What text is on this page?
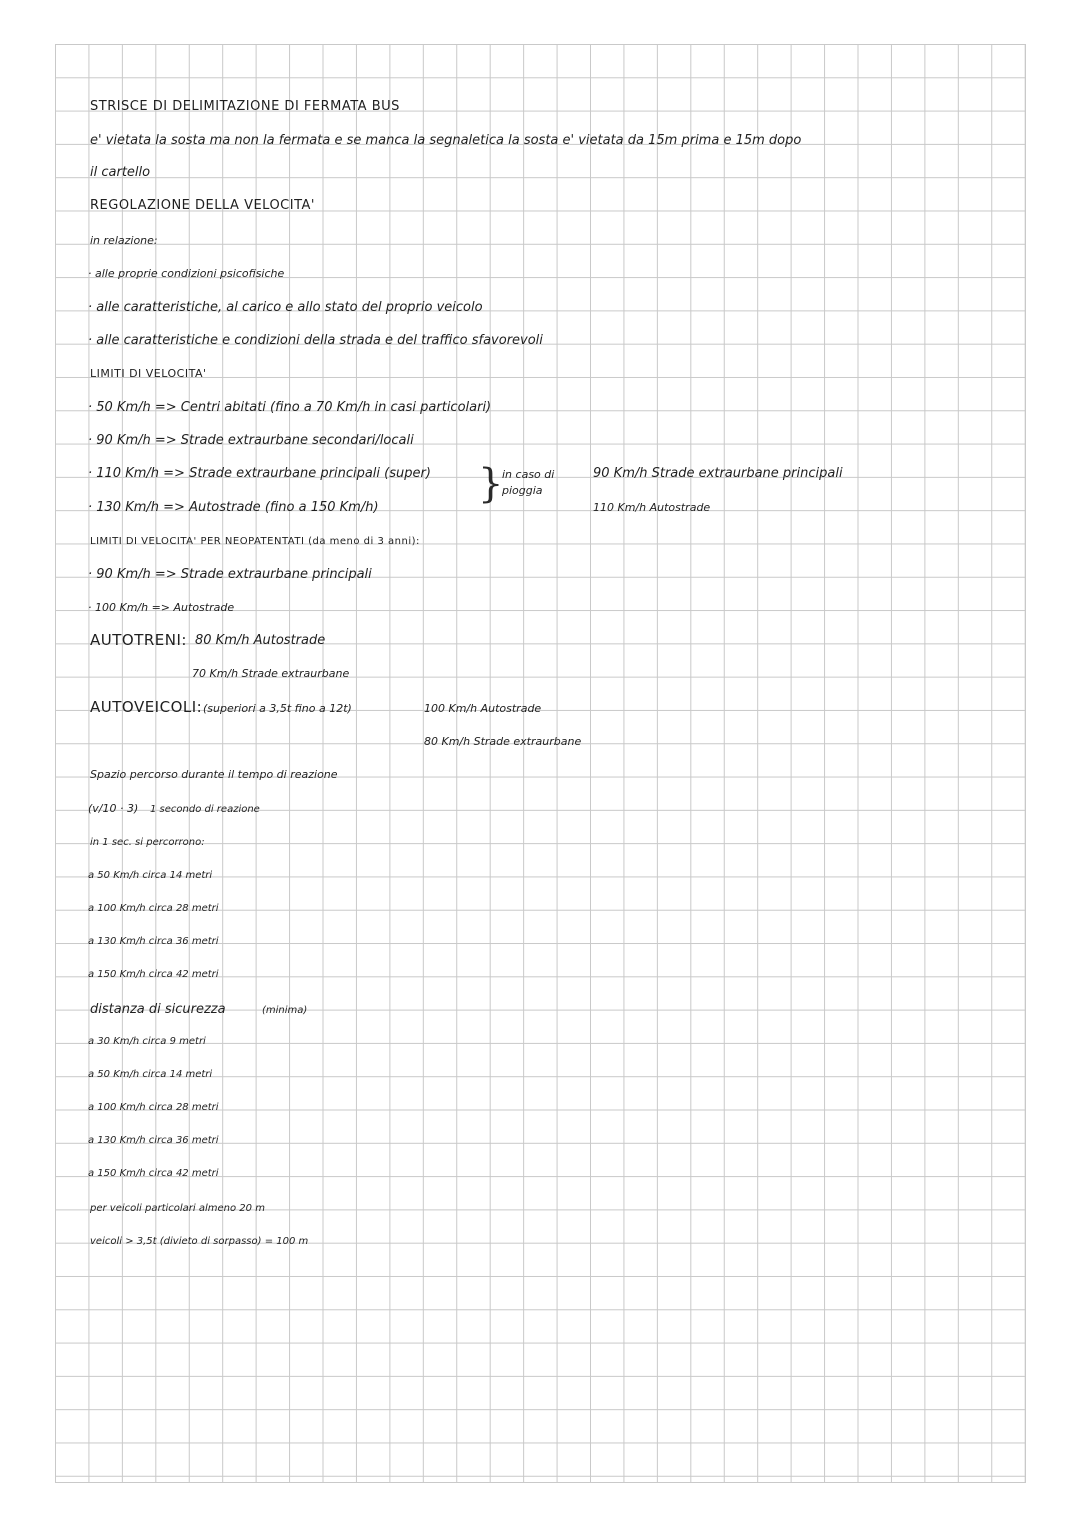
STRISCE DI DELIMITAZIONE DI FERMATA BUS
e' vietata la sosta ma non la fermata e se manca la segnaletica la sosta e' vietata da 15m prima e 15m dopo
il cartello
REGOLAZIONE DELLA VELOCITA'
in relazione:
· alle proprie condizioni psicofisiche
· alle caratteristiche, al carico e allo stato del proprio veicolo
· alle caratteristiche e condizioni della strada e del traffico sfavorevoli
LIMITI DI VELOCITA'
· 50 Km/h => Centri abitati (fino a 70 Km/h in casi particolari)
· 90 Km/h => Strade extraurbane secondari/locali
· 110 Km/h => Strade extraurbane principali (super)
· 130 Km/h => Autostrade (fino a 150 Km/h)
}
in caso di
pioggia
90 Km/h Strade extraurbane principali
110 Km/h Autostrade
LIMITI DI VELOCITA' PER NEOPATENTATI (da meno di 3 anni):
· 90 Km/h => Strade extraurbane principali
· 100 Km/h => Autostrade
AUTOTRENI: 80 Km/h Autostrade
70 Km/h Strade extraurbane
AUTOVEICOLI: (superiori a 3,5t fino a 12t)	100 Km/h Autostrade
80 Km/h Strade extraurbane
Spazio percorso durante il tempo di reazione
(v/10 · 3) 1 secondo di reazione
in 1 sec. si percorrono:
a 50 Km/h circa 14 metri
a 100 Km/h circa 28 metri
a 130 Km/h circa 36 metri
a 150 Km/h circa 42 metri
distanza di sicurezza	(minima)
a 30 Km/h circa 9 metri
a 50 Km/h circa 14 metri
a 100 Km/h circa 28 metri
a 130 Km/h circa 36 metri
a 150 Km/h circa 42 metri
per veicoli particolari almeno 20 m
veicoli > 3,5t (divieto di sorpasso) = 100 m
